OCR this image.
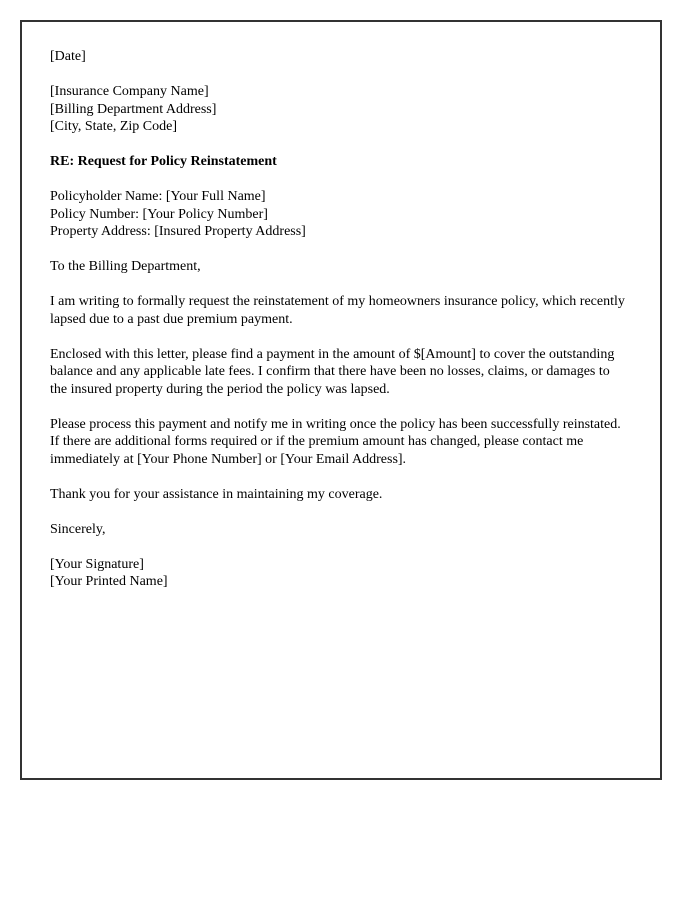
[Date]

[Insurance Company Name]

[Billing Department Address]

[City, State, Zip Code]

RE: Request for Policy Reinstatement

Policyholder Name: [Your Full Name]

Policy Number: [Your Policy Number]

Property Address: [Insured Property Address]

To the Billing Department,

I am writing to formally request the reinstatement of my homeowners insurance policy, which recently lapsed due to a past due premium payment.

Enclosed with this letter, please find a payment in the amount of $[Amount] to cover the outstanding balance and any applicable late fees. I confirm that there have been no losses, claims, or damages to the insured property during the period the policy was lapsed.

Please process this payment and notify me in writing once the policy has been successfully reinstated. If there are additional forms required or if the premium amount has changed, please contact me immediately at [Your Phone Number] or [Your Email Address].

Thank you for your assistance in maintaining my coverage.

Sincerely,

[Your Signature]

[Your Printed Name]
